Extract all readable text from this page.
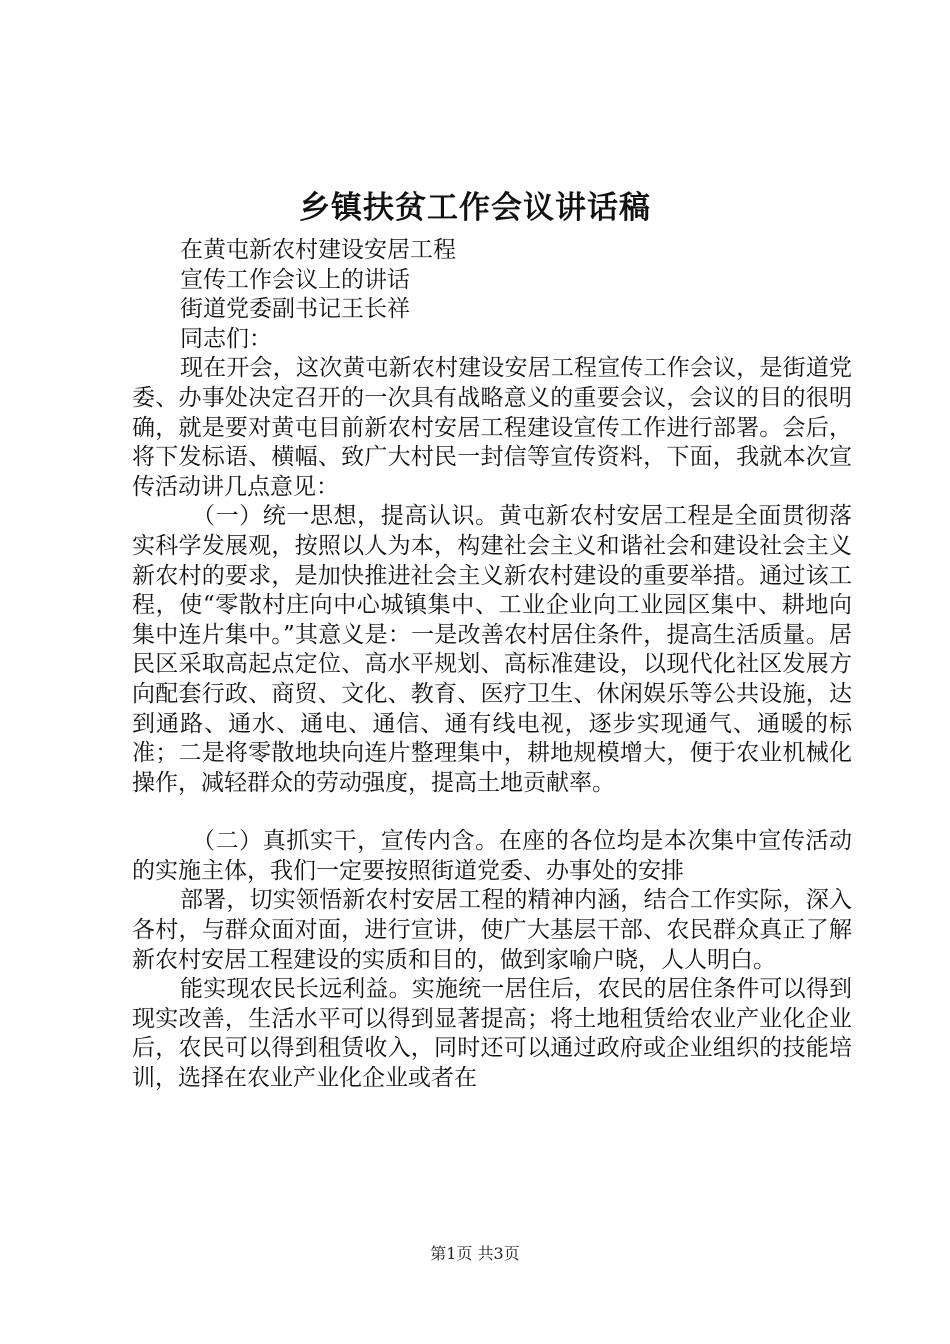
乡镇扶贫工作会议讲话稿

在黄屯新农村建设安居工程

宣传工作会议上的讲话

街道党委副书记王长祥

同志们：

现在开会，这次黄屯新农村建设安居工程宣传工作会议，是街道党委、办事处决定召开的一次具有战略意义的重要会议，会议的目的很明确，就是要对黄屯目前新农村安居工程建设宣传工作进行部署。会后，将下发标语、横幅、致广大村民一封信等宣传资料，下面，我就本次宣传活动讲几点意见：

（一）统一思想，提高认识。黄屯新农村安居工程是全面贯彻落实科学发展观，按照以人为本，构建社会主义和谐社会和建设社会主义新农村的要求，是加快推进社会主义新农村建设的重要举措。通过该工程，使“零散村庄向中心城镇集中、工业企业向工业园区集中、耕地向集中连片集中。”其意义是：一是改善农村居住条件，提高生活质量。居民区采取高起点定位、高水平规划、高标准建设，以现代化社区发展方向配套行政、商贸、文化、教育、医疗卫生、休闲娱乐等公共设施，达到通路、通水、通电、通信、通有线电视，逐步实现通气、通暖的标准；二是将零散地块向连片整理集中，耕地规模增大，便于农业机械化操作，减轻群众的劳动强度，提高土地贡献率。

（二）真抓实干，宣传内含。在座的各位均是本次集中宣传活动的实施主体，我们一定要按照街道党委、办事处的安排

部署，切实领悟新农村安居工程的精神内涵，结合工作实际，深入各村，与群众面对面，进行宣讲，使广大基层干部、农民群众真正了解新农村安居工程建设的实质和目的，做到家喻户晓，人人明白。

能实现农民长远利益。实施统一居住后，农民的居住条件可以得到现实改善，生活水平可以得到显著提高；将土地租赁给农业产业化企业后，农民可以得到租赁收入，同时还可以通过政府或企业组织的技能培训，选择在农业产业化企业或者在

第1页 共3页
